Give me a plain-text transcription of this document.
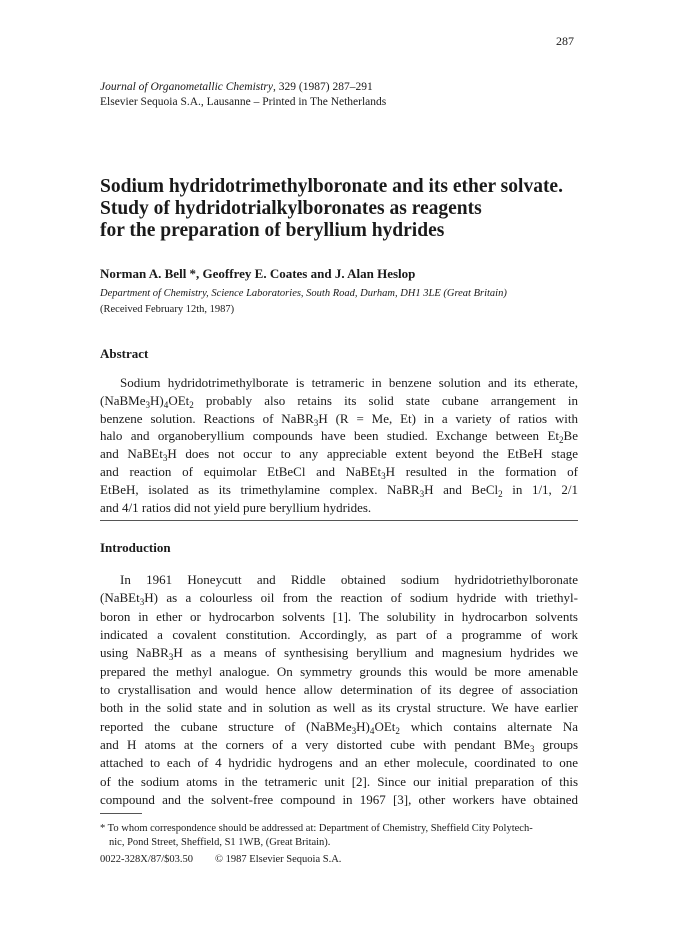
287
Journal of Organometallic Chemistry, 329 (1987) 287–291
Elsevier Sequoia S.A., Lausanne – Printed in The Netherlands
Sodium hydridotrimethylboronate and its ether solvate.
Study of hydridotrialkylboronates as reagents
for the preparation of beryllium hydrides
Norman A. Bell *, Geoffrey E. Coates and J. Alan Heslop
Department of Chemistry, Science Laboratories, South Road, Durham, DH1 3LE (Great Britain)
(Received February 12th, 1987)
Abstract
Sodium hydridotrimethylborate is tetrameric in benzene solution and its etherate,
$(NaBMe_3H)_4OEt_2$ probably also retains its solid state cubane arrangement in
benzene solution. Reactions of NaBR$_3$H (R = Me, Et) in a variety of ratios with
halo and organoberyllium compounds have been studied. Exchange between $Et_2Be$
and NaBEt$_3$H does not occur to any appreciable extent beyond the EtBeH stage
and reaction of equimolar EtBeCl and NaBEt$_3$H resulted in the formation of
EtBeH, isolated as its trimethylamine complex. NaBR$_3$H and BeCl$_2$ in 1/1, 2/1
and 4/1 ratios did not yield pure beryllium hydrides.
Introduction
In 1961 Honeycutt and Riddle obtained sodium hydridotriethylboronate
(NaBEt$_3$H) as a colourless oil from the reaction of sodium hydride with triethyl-
boron in ether or hydrocarbon solvents [1]. The solubility in hydrocarbon solvents
indicated a covalent constitution. Accordingly, as part of a programme of work
using NaBR$_3$H as a means of synthesising beryllium and magnesium hydrides we
prepared the methyl analogue. On symmetry grounds this would be more amenable
to crystallisation and would hence allow determination of its degree of association
both in the solid state and in solution as well as its crystal structure. We have earlier
reported the cubane structure of $(NaBMe_3H)_4OEt_2$ which contains alternate Na
and H atoms at the corners of a very distorted cube with pendant BMe$_3$ groups
attached to each of 4 hydridic hydrogens and an ether molecule, coordinated to one
of the sodium atoms in the tetrameric unit [2]. Since our initial preparation of this
compound and the solvent-free compound in 1967 [3], other workers have obtained
* To whom correspondence should be addressed at: Department of Chemistry, Sheffield City Polytech-
nic, Pond Street, Sheffield, S1 1WB, (Great Britain).
0022-328X/87/$03.50 © 1987 Elsevier Sequoia S.A.
